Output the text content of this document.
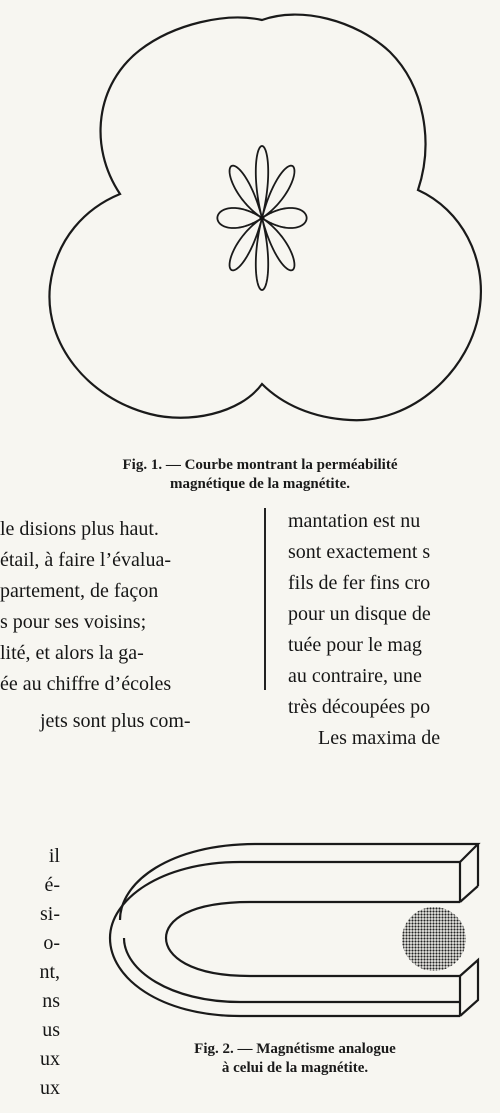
Fig. 1. — Courbe montrant la perméabilité
magnétique de la magnétite.

le disions plus haut.

étail, à faire l’évalua-

partement, de façon

s pour ses voisins;

lité, et alors la ga-

ée au chiffre d’écoles

jets sont plus com-

mantation est nu

sont exactement s

fils de fer fins cro

pour un disque de

tuée pour le mag

au contraire, une

très découpées po

Les maxima de

il

é-

si-

o-

nt,

ns

us

ux

ux

Fig. 2. — Magnétisme analogue
à celui de la magnétite.
